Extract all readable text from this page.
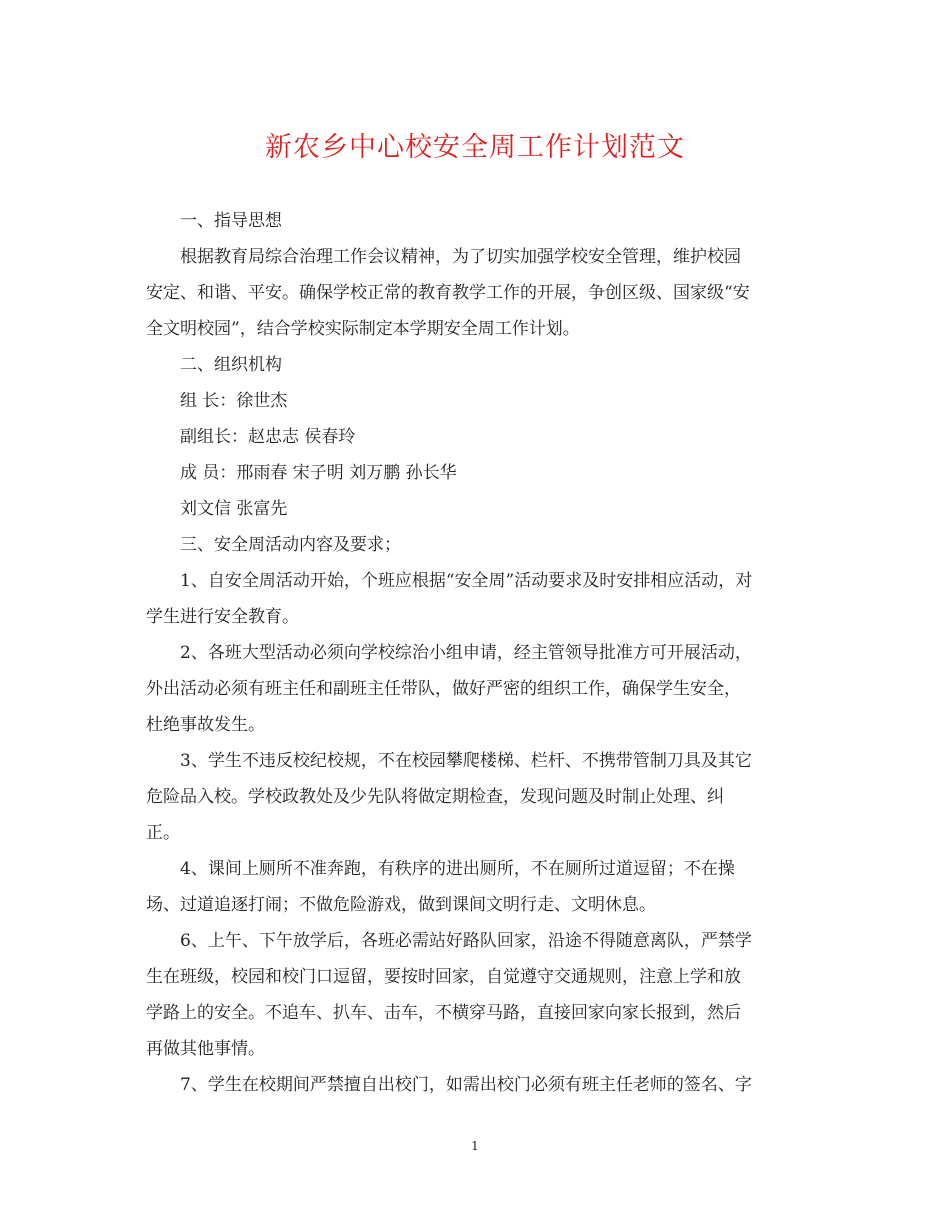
新农乡中心校安全周工作计划范文
一、指导思想
根据教育局综合治理工作会议精神，为了切实加强学校安全管理，维护校园
安定、和谐、平安。确保学校正常的教育教学工作的开展，争创区级、国家级“安
全文明校园”，结合学校实际制定本学期安全周工作计划。
二、组织机构
组 长：徐世杰
副组长：赵忠志 侯春玲
成 员：邢雨春 宋子明 刘万鹏 孙长华
刘文信 张富先
三、安全周活动内容及要求；
1、自安全周活动开始，个班应根据“安全周”活动要求及时安排相应活动，对
学生进行安全教育。
2、各班大型活动必须向学校综治小组申请，经主管领导批准方可开展活动，
外出活动必须有班主任和副班主任带队，做好严密的组织工作，确保学生安全，
杜绝事故发生。
3、学生不违反校纪校规，不在校园攀爬楼梯、栏杆、不携带管制刀具及其它
危险品入校。学校政教处及少先队将做定期检查，发现问题及时制止处理、纠
正。
4、课间上厕所不准奔跑，有秩序的进出厕所，不在厕所过道逗留；不在操
场、过道追逐打闹；不做危险游戏，做到课间文明行走、文明休息。
6、上午、下午放学后，各班必需站好路队回家，沿途不得随意离队，严禁学
生在班级，校园和校门口逗留，要按时回家，自觉遵守交通规则，注意上学和放
学路上的安全。不追车、扒车、击车，不横穿马路，直接回家向家长报到，然后
再做其他事情。
7、学生在校期间严禁擅自出校门，如需出校门必须有班主任老师的签名、字
1
